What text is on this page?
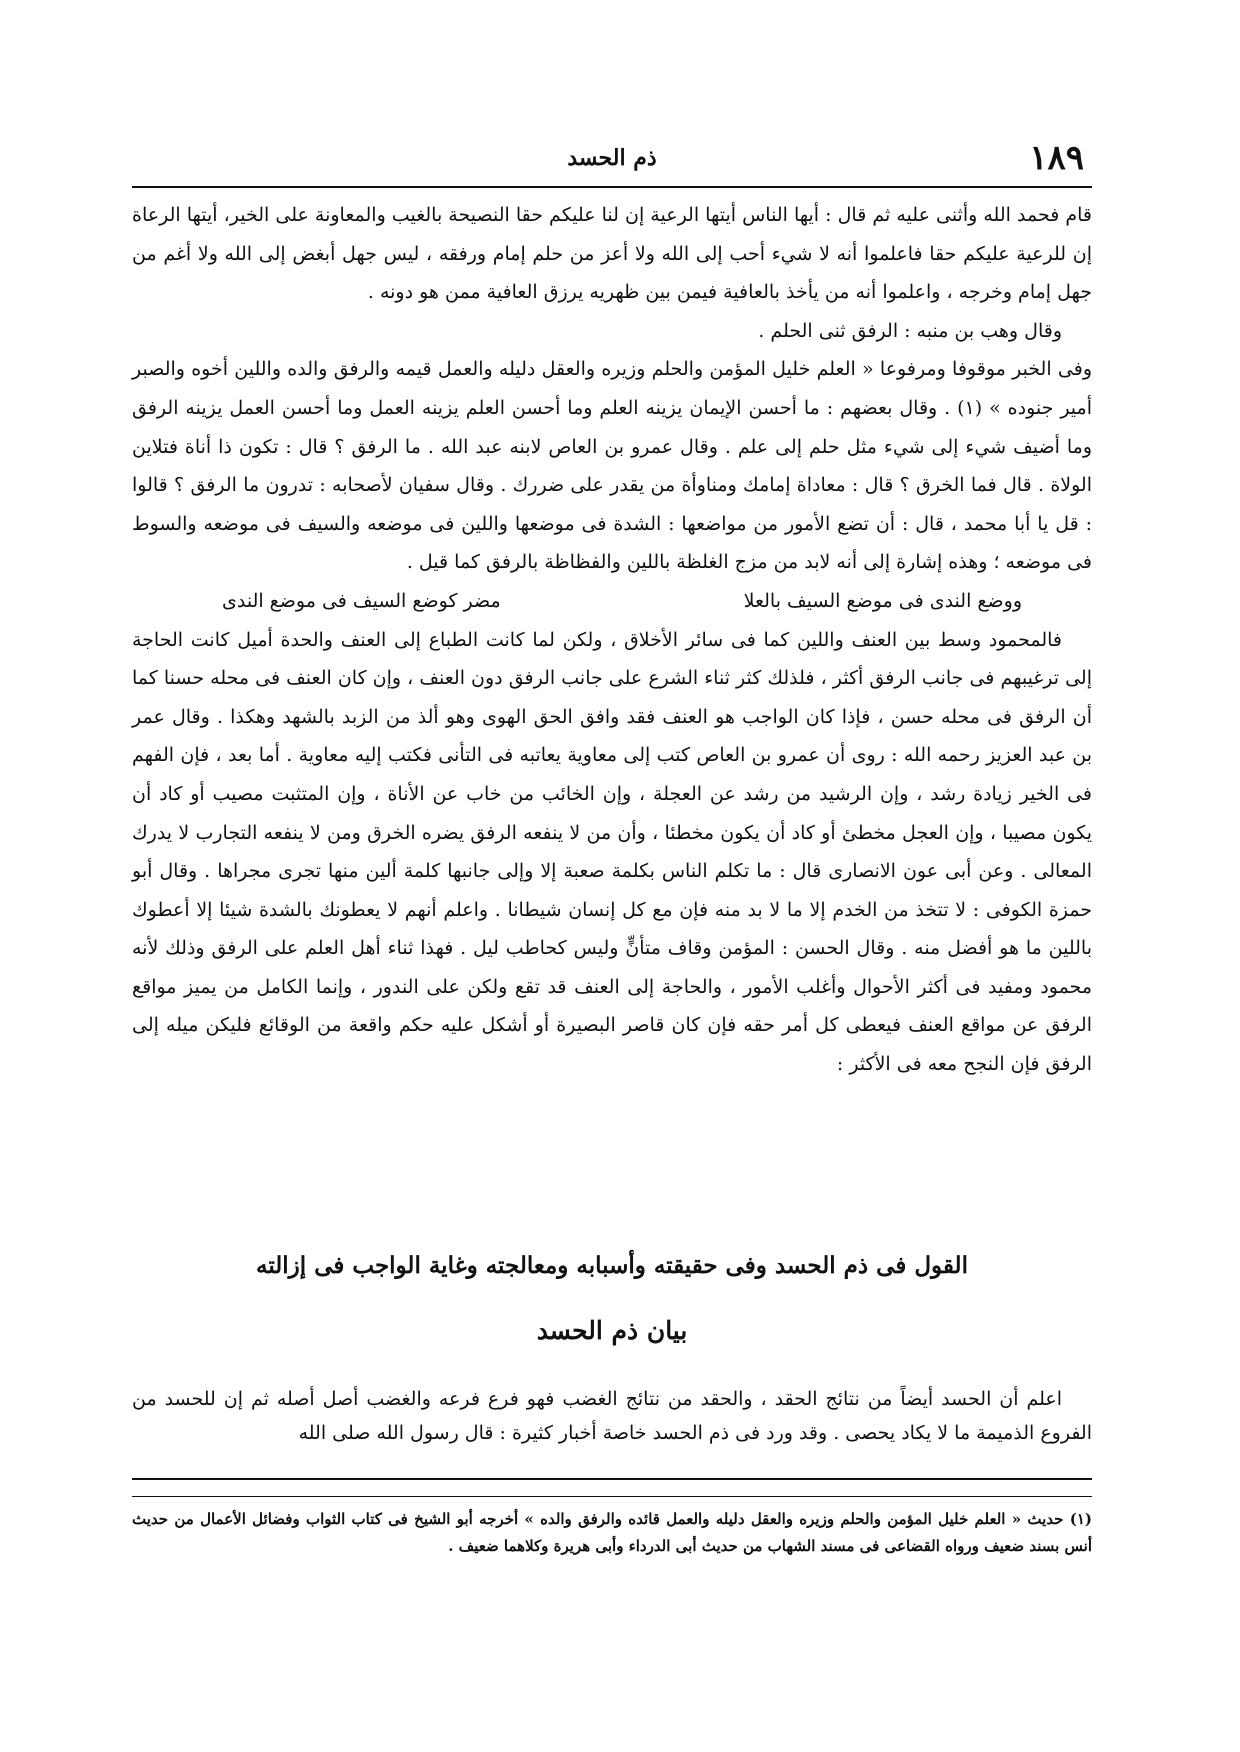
١٨٩
ذم الحسد

قام فحمد الله وأثنى عليه ثم قال : أيها الناس أيتها الرعية إن لنا عليكم حقا النصيحة بالغيب والمعاونة على الخير، أيتها الرعاة إن للرعية عليكم حقا فاعلموا أنه لا شيء أحب إلى الله ولا أعز من حلم إمام ورفقه ، ليس جهل أبغض إلى الله ولا أغم من جهل إمام وخرجه ، واعلموا أنه من يأخذ بالعافية فيمن بين ظهريه يرزق العافية ممن هو دونه .

وقال وهب بن منبه : الرفق ثنى الحلم .

وفى الخبر موقوفا ومرفوعا « العلم خليل المؤمن والحلم وزيره والعقل دليله والعمل قيمه والرفق والده واللين أخوه والصبر أمير جنوده » (١) . وقال بعضهم : ما أحسن الإيمان يزينه العلم وما أحسن العلم يزينه العمل وما أحسن العمل يزينه الرفق وما أضيف شيء إلى شيء مثل حلم إلى علم . وقال عمرو بن العاص لابنه عبد الله . ما الرفق ؟ قال : تكون ذا أناة فتلاين الولاة . قال فما الخرق ؟ قال : معاداة إمامك ومناوأة من يقدر على ضررك . وقال سفيان لأصحابه : تدرون ما الرفق ؟ قالوا : قل يا أبا محمد ، قال : أن تضع الأمور من مواضعها : الشدة فى موضعها واللين فى موضعه والسيف فى موضعه والسوط فى موضعه ؛ وهذه إشارة إلى أنه لابد من مزج الغلظة باللين والفظاظة بالرفق كما قيل .

ووضع الندى فى موضع السيف بالعلا
مضر كوضع السيف فى موضع الندى

فالمحمود وسط بين العنف واللين كما فى سائر الأخلاق ، ولكن لما كانت الطباع إلى العنف والحدة أميل كانت الحاجة إلى ترغيبهم فى جانب الرفق أكثر ، فلذلك كثر ثناء الشرع على جانب الرفق دون العنف ، وإن كان العنف فى محله حسنا كما أن الرفق فى محله حسن ، فإذا كان الواجب هو العنف فقد وافق الحق الهوى وهو ألذ من الزبد بالشهد وهكذا . وقال عمر بن عبد العزيز رحمه الله : روى أن عمرو بن العاص كتب إلى معاوية يعاتبه فى التأنى فكتب إليه معاوية . أما بعد ، فإن الفهم فى الخير زيادة رشد ، وإن الرشيد من رشد عن العجلة ، وإن الخائب من خاب عن الأناة ، وإن المتثبت مصيب أو كاد أن يكون مصيبا ، وإن العجل مخطئ أو كاد أن يكون مخطئا ، وأن من لا ينفعه الرفق يضره الخرق ومن لا ينفعه التجارب لا يدرك المعالى . وعن أبى عون الانصارى قال : ما تكلم الناس بكلمة صعبة إلا وإلى جانبها كلمة ألين منها تجرى مجراها . وقال أبو حمزة الكوفى : لا تتخذ من الخدم إلا ما لا بد منه فإن مع كل إنسان شيطانا . واعلم أنهم لا يعطونك بالشدة شيئا إلا أعطوك باللين ما هو أفضل منه . وقال الحسن : المؤمن وقاف متأنٍّ وليس كحاطب ليل . فهذا ثناء أهل العلم على الرفق وذلك لأنه محمود ومفيد فى أكثر الأحوال وأغلب الأمور ، والحاجة إلى العنف قد تقع ولكن على الندور ، وإنما الكامل من يميز مواقع الرفق عن مواقع العنف فيعطى كل أمر حقه فإن كان قاصر البصيرة أو أشكل عليه حكم واقعة من الوقائع فليكن ميله إلى الرفق فإن النجح معه فى الأكثر :

القول فى ذم الحسد وفى حقيقته وأسبابه ومعالجته وغاية الواجب فى إزالته
بيان ذم الحسد

اعلم أن الحسد أيضاً من نتائج الحقد ، والحقد من نتائج الغضب فهو فرع فرعه والغضب أصل أصله ثم إن للحسد من الفروع الذميمة ما لا يكاد يحصى . وقد ورد فى ذم الحسد خاصة أخبار كثيرة : قال رسول الله صلى الله

(١) حديث « العلم خليل المؤمن والحلم وزيره والعقل دليله والعمل قائده والرفق والده » أخرجه أبو الشيخ فى كتاب الثواب وفضائل الأعمال من حديث أنس بسند ضعيف ورواه القضاعى فى مسند الشهاب من حديث أبى الدرداء وأبى هريرة وكلاهما ضعيف .
